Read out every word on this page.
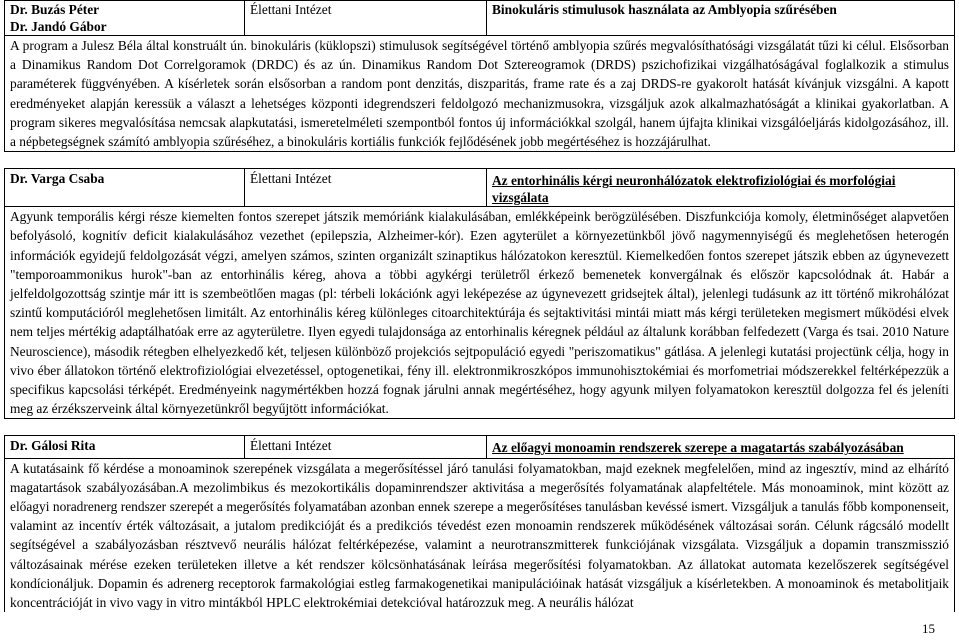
Dr. Buzás Péter
Dr. Jandó Gábor	Élettani Intézet	Binokuláris stimulusok használata az Amblyopia szűrésében

A program a Julesz Béla által konstruált ún. binokuláris (küklopszi) stimulusok segítségével történő amblyopia szűrés megvalósíthatósági vizsgálatát tűzi ki célul. Elsősorban a Dinamikus Random Dot Correlgoramok (DRDC) és az ún. Dinamikus Random Dot Sztereogramok (DRDS) pszichofizikai vizgálhatóságával foglalkozik a stimulus paraméterek függvényében. A kísérletek során elsősorban a random pont denzitás, diszparitás, frame rate és a zaj DRDS-re gyakorolt hatását kívánjuk vizsgálni. A kapott eredményeket alapján keressük a választ a lehetséges központi idegrendszeri feldolgozó mechanizmusokra, vizsgáljuk azok alkalmazhatóságát a klinikai gyakorlatban. A program sikeres megvalósítása nemcsak alapkutatási, ismeretelméleti szempontból fontos új információkkal szolgál, hanem újfajta klinikai vizsgálóeljárás kidolgozásához, ill. a népbetegségnek számító amblyopia szűréséhez, a binokuláris kortiális funkciók fejlődésének jobb megértéséhez is hozzájárulhat.

Dr. Varga Csaba	Élettani Intézet	Az entorhinális kérgi neuronhálózatok elektrofiziológiai és morfológiai vizsgálata

Agyunk temporális kérgi része kiemelten fontos szerepet játszik memóriánk kialakulásában, emlékképeink berögzülésében. Diszfunkciója komoly, életminőséget alapvetően befolyásoló, kognitív deficit kialakulásához vezethet (epilepszia, Alzheimer-kór). Ezen agyterület a környezetünkből jövő nagymennyiségű és meglehetősen heterogén információk egyidejű feldolgozását végzi, amelyen számos, szinten organizált szinaptikus hálózatokon keresztül. Kiemelkedően fontos szerepet játszik ebben az úgynevezett "temporoammonikus hurok"-ban az entorhinális kéreg, ahova a többi agykérgi területről érkező bemenetek konvergálnak és először kapcsolódnak át. Habár a jelfeldolgozottság szintje már itt is szembeötlően magas (pl: térbeli lokációnk agyi leképezése az úgynevezett gridsejtek által), jelenlegi tudásunk az itt történő mikrohálózat szintű komputációról meglehetősen limitált. Az entorhinális kéreg különleges citoarchitektúrája és sejtaktivitási mintái miatt más kérgi területeken megismert működési elvek nem teljes mértékig adaptálhatóak erre az agyterületre. Ilyen egyedi tulajdonsága az entorhinalis kéregnek például az általunk korábban felfedezett (Varga és tsai. 2010 Nature Neuroscience), második rétegben elhelyezkedő két, teljesen különböző projekciós sejtpopuláció egyedi "periszomatikus" gátlása. A jelenlegi kutatási projectünk célja, hogy in vivo éber állatokon történő elektrofiziológiai elvezetéssel, optogenetikai, fény ill. elektronmikroszkópos immunohisztokémiai és morfometriai módszerekkel feltérképezzük a specifikus kapcsolási térképét. Eredményeink nagymértékben hozzá fognak járulni annak megértéséhez, hogy agyunk milyen folyamatokon keresztül dolgozza fel és jeleníti meg az érzékszerveink által környezetünkről begyűjtött információkat.

Dr. Gálosi Rita	Élettani Intézet	Az előagyi monoamin rendszerek szerepe a magatartás szabályozásában

A kutatásaink fő kérdése a monoaminok szerepének vizsgálata a megerősítéssel járó tanulási folyamatokban, majd ezeknek megfelelően, mind az ingesztív, mind az elhárító magatartások szabályozásában.A mezolimbikus és mezokortikális dopaminrendszer aktivitása a megerősítés folyamatának alapfeltétele. Más monoaminok, mint között az előagyi noradrenerg rendszer szerepét a megerősítés folyamatában azonban ennek szerepe a megerősítéses tanulásban kevéssé ismert. Vizsgáljuk a tanulás főbb komponenseit, valamint az incentív érték változásait, a jutalom predikcióját és a predikciós tévedést ezen monoamin rendszerek működésének változásai során. Célunk rágcsáló modellt segítségével a szabályozásban résztvevő neurális hálózat feltérképezése, valamint a neurotranszmitterek funkciójának vizsgálata. Vizsgáljuk a dopamin transzmisszió változásainak mérése ezeken területeken illetve a két rendszer kölcsönhatásának leírása megerősítési folyamatokban. Az állatokat automata kezelőszerek segítségével kondícionáljuk. Dopamin és adrenerg receptorok farmakológiai estleg farmakogenetikai manipulációinak hatását vizsgáljuk a kísérletekben. A monoaminok és metabolitjaik koncentrációját in vivo vagy in vitro mintákból HPLC elektrokémiai detekcióval határozzuk meg. A neurális hálózat

15
